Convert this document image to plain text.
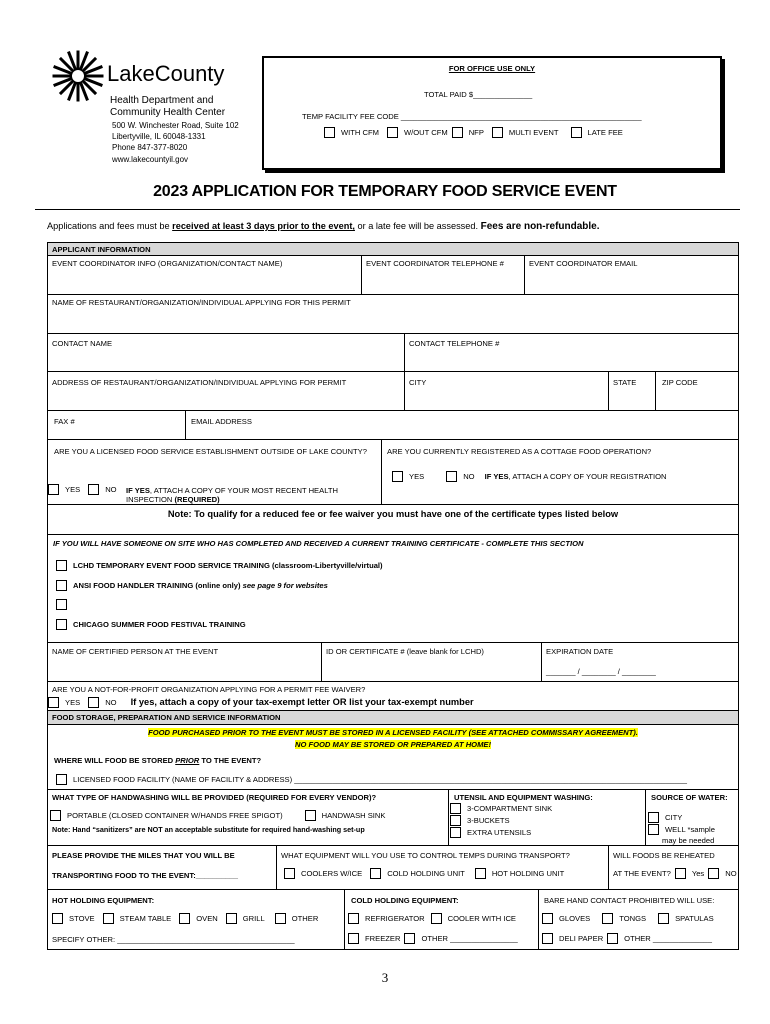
LakeCounty
Health Department and
Community Health Center
500 W. Winchester Road, Suite 102
Libertyville, IL 60048-1331
Phone 847-377-8020
www.lakecountyil.gov
FOR OFFICE USE ONLY
TOTAL PAID $______________
TEMP FACILITY FEE CODE _________________________________________________________
WITH CFM	W/OUT CFM	NFP	MULTI EVENT	LATE FEE
2023 APPLICATION FOR TEMPORARY FOOD SERVICE EVENT
Applications and fees must be received at least 3 days prior to the event, or a late fee will be assessed. Fees are non-refundable.
APPLICANT INFORMATION
EVENT COORDINATOR INFO (ORGANIZATION/CONTACT NAME)	EVENT COORDINATOR TELEPHONE #	EVENT COORDINATOR EMAIL
NAME OF RESTAURANT/ORGANIZATION/INDIVIDUAL APPLYING FOR THIS PERMIT
CONTACT NAME	CONTACT TELEPHONE #
ADDRESS OF RESTAURANT/ORGANIZATION/INDIVIDUAL APPLYING FOR PERMIT	CITY	STATE	ZIP CODE
FAX #	EMAIL ADDRESS
ARE YOU A LICENSED FOOD SERVICE ESTABLISHMENT OUTSIDE OF LAKE COUNTY?
YES	NO IF YES, ATTACH A COPY OF YOUR MOST RECENT HEALTH INSPECTION (REQUIRED)
ARE YOU CURRENTLY REGISTERED AS A COTTAGE FOOD OPERATION?
YES	NO IF YES, ATTACH A COPY OF YOUR REGISTRATION
Note: To qualify for a reduced fee or fee waiver you must have one of the certificate types listed below
IF YOU WILL HAVE SOMEONE ON SITE WHO HAS COMPLETED AND RECEIVED A CURRENT TRAINING CERTIFICATE - COMPLETE THIS SECTION
LCHD TEMPORARY EVENT FOOD SERVICE TRAINING (classroom-Libertyville/virtual)
ANSI FOOD HANDLER TRAINING (online only) see page 9 for websites
CHICAGO SUMMER FOOD FESTIVAL TRAINING
NAME OF CERTIFIED PERSON AT THE EVENT	ID OR CERTIFICATE # (leave blank for LCHD)	EXPIRATION DATE
_______ / ________ / ________
ARE YOU A NOT-FOR-PROFIT ORGANIZATION APPLYING FOR A PERMIT FEE WAIVER?
YES	NO If yes, attach a copy of your tax-exempt letter OR list your tax-exempt number
FOOD STORAGE, PREPARATION AND SERVICE INFORMATION
FOOD PURCHASED PRIOR TO THE EVENT MUST BE STORED IN A LICENSED FACILITY (SEE ATTACHED COMMISSARY AGREEMENT).
NO FOOD MAY BE STORED OR PREPARED AT HOME!
WHERE WILL FOOD BE STORED PRIOR TO THE EVENT?
LICENSED FOOD FACILITY (NAME OF FACILITY & ADDRESS) _____________________________________________________________________________________________
WHAT TYPE OF HANDWASHING WILL BE PROVIDED (REQUIRED FOR EVERY VENDOR)?
PORTABLE (CLOSED CONTAINER W/HANDS FREE SPIGOT)	HANDWASH SINK
Note: Hand “sanitizers” are NOT an acceptable substitute for required hand-washing set-up
UTENSIL AND EQUIPMENT WASHING:
3-COMPARTMENT SINK
3-BUCKETS
EXTRA UTENSILS
SOURCE OF WATER:
CITY
WELL *sample
may be needed
PLEASE PROVIDE THE MILES THAT YOU WILL BE
TRANSPORTING FOOD TO THE EVENT:__________
WHAT EQUIPMENT WILL YOU USE TO CONTROL TEMPS DURING TRANSPORT?
COOLERS W/ICE	COLD HOLDING UNIT	HOT HOLDING UNIT
WILL FOODS BE REHEATED
AT THE EVENT?	Yes	NO
HOT HOLDING EQUIPMENT:
STOVE	STEAM TABLE	OVEN	GRILL	OTHER
SPECIFY OTHER: __________________________________________
COLD HOLDING EQUIPMENT:
REFRIGERATOR	COOLER WITH ICE
FREEZER	OTHER ________________
BARE HAND CONTACT PROHIBITED WILL USE:
GLOVES	TONGS	SPATULAS
DELI PAPER	OTHER ______________
3
